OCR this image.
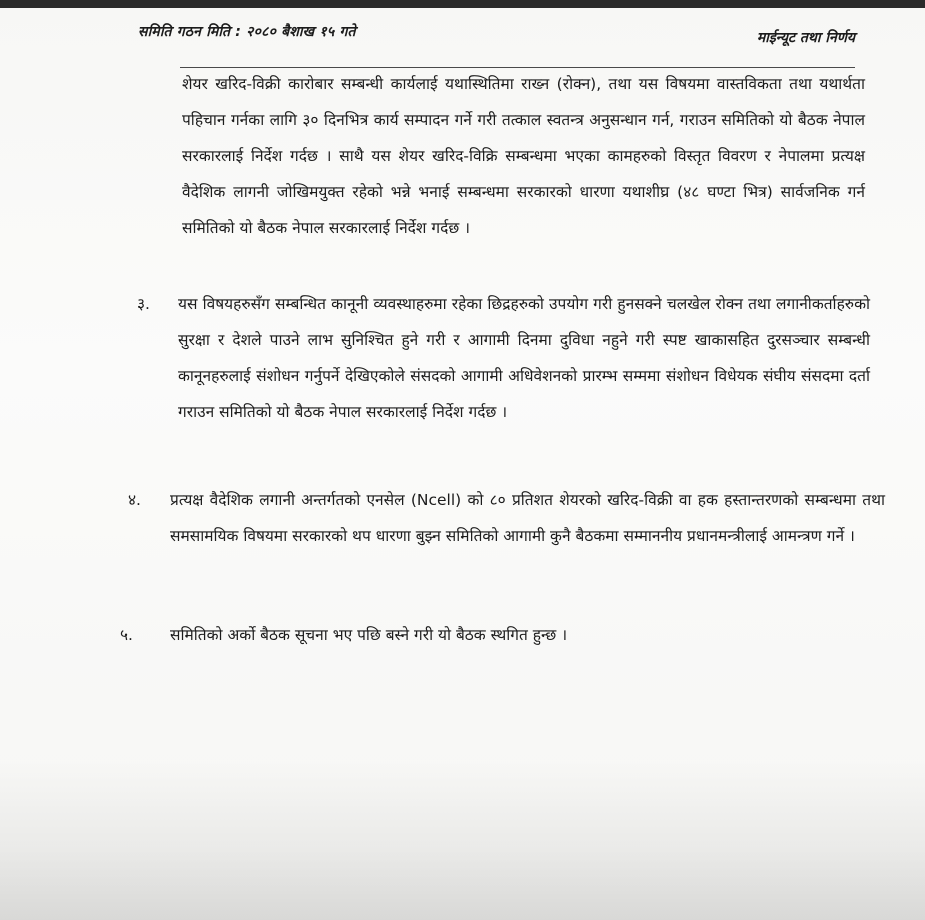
समिति गठन मिति : २०८० बैशाख १५ गते	माईन्यूट तथा निर्णय
शेयर खरिद-विक्री कारोबार सम्बन्धी कार्यलाई यथास्थितिमा राख्न (रोक्न), तथा यस विषयमा वास्तविकता तथा यथार्थता पहिचान गर्नका लागि ३० दिनभित्र कार्य सम्पादन गर्ने गरी तत्काल स्वतन्त्र अनुसन्धान गर्न, गराउन समितिको यो बैठक नेपाल सरकारलाई निर्देश गर्दछ । साथै यस शेयर खरिद-विक्रि सम्बन्धमा भएका कामहरुको विस्तृत विवरण र नेपालमा प्रत्यक्ष वैदेशिक लागनी जोखिमयुक्त रहेको भन्ने भनाई सम्बन्धमा सरकारको धारणा यथाशीघ्र (४८ घण्टा भित्र) सार्वजनिक गर्न समितिको यो बैठक नेपाल सरकारलाई निर्देश गर्दछ ।
३. यस विषयहरुसँग सम्बन्धित कानूनी व्यवस्थाहरुमा रहेका छिद्रहरुको उपयोग गरी हुनसक्ने चलखेल रोक्न तथा लगानीकर्ताहरुको सुरक्षा र देशले पाउने लाभ सुनिश्चित हुने गरी र आगामी दिनमा दुविधा नहुने गरी स्पष्ट खाकासहित दुरसञ्चार सम्बन्धी कानूनहरुलाई संशोधन गर्नुपर्ने देखिएकोले संसदको आगामी अधिवेशनको प्रारम्भ सम्ममा संशोधन विधेयक संघीय संसदमा दर्ता गराउन समितिको यो बैठक नेपाल सरकारलाई निर्देश गर्दछ ।
४. प्रत्यक्ष वैदेशिक लगानी अन्तर्गतको एनसेल (Ncell) को ८० प्रतिशत शेयरको खरिद-विक्री वा हक हस्तान्तरणको सम्बन्धमा तथा समसामयिक विषयमा सरकारको थप धारणा बुझ्न समितिको आगामी कुनै बैठकमा सम्माननीय प्रधानमन्त्रीलाई आमन्त्रण गर्ने ।
५. समितिको अर्को बैठक सूचना भए पछि बस्ने गरी यो बैठक स्थगित हुन्छ ।
